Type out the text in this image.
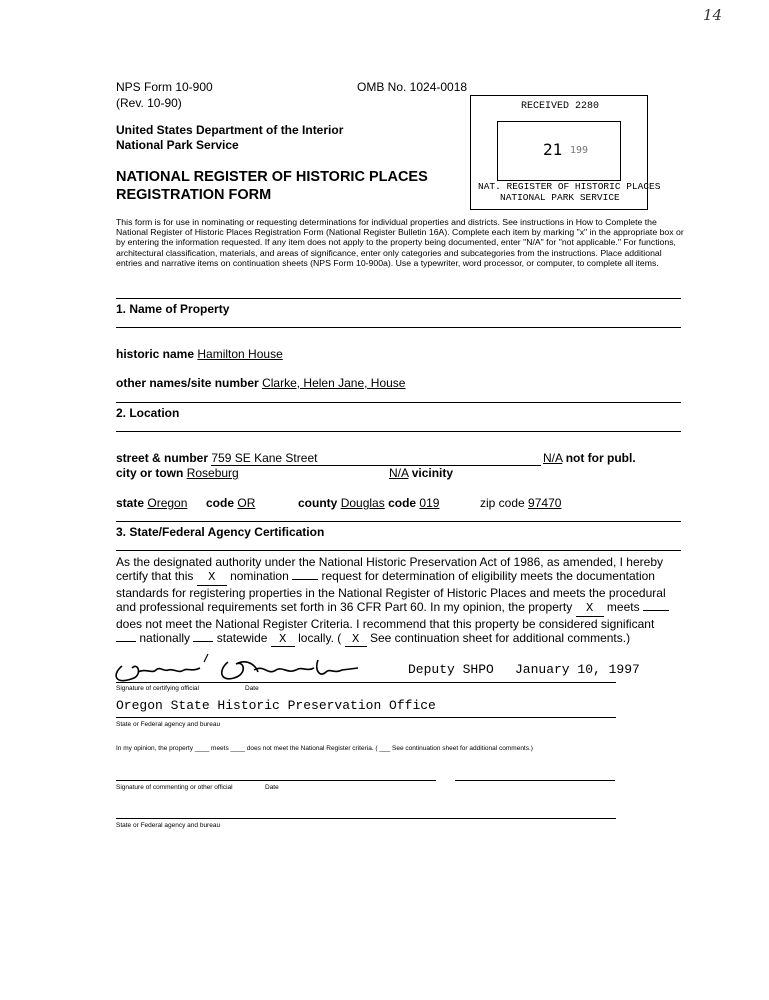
14
NPS Form 10-900
(Rev. 10-90)
OMB No. 1024-0018
United States Department of the Interior
National Park Service
NATIONAL REGISTER OF HISTORIC PLACES
REGISTRATION FORM
RECEIVED 2280
21 199
NAT. REGISTER OF HISTORIC PLACES
NATIONAL PARK SERVICE
This form is for use in nominating or requesting determinations for individual properties and districts. See instructions in How to Complete the National Register of Historic Places Registration Form (National Register Bulletin 16A). Complete each item by marking "x" in the appropriate box or by entering the information requested. If any item does not apply to the property being documented, enter "N/A" for "not applicable." For functions, architectural classification, materials, and areas of significance, enter only categories and subcategories from the instructions. Place additional entries and narrative items on continuation sheets (NPS Form 10-900a). Use a typewriter, word processor, or computer, to complete all items.
1. Name of Property
historic name Hamilton House
other names/site number Clarke, Helen Jane, House
2. Location
street & number 759 SE Kane Street	N/A not for publ.
city or town Roseburg	N/A vicinity
state Oregon code OR	county Douglas code 019	zip code 97470
3. State/Federal Agency Certification
As the designated authority under the National Historic Preservation Act of 1986, as amended, I hereby certify that this X nomination	request for determination of eligibility meets the documentation standards for registering properties in the National Register of Historic Places and meets the procedural and professional requirements set forth in 36 CFR Part 60. In my opinion, the property X meets  does not meet the National Register Criteria. I recommend that this property be considered significant  nationally statewide X locally. ( X See continuation sheet for additional comments.)
Deputy SHPO January 10, 1997
Signature of certifying official	Date
Oregon State Historic Preservation Office
State or Federal agency and bureau
In my opinion, the property ____ meets ____ does not meet the National Register criteria. ( ___ See continuation sheet for additional comments.)
Signature of commenting or other official	Date
State or Federal agency and bureau
